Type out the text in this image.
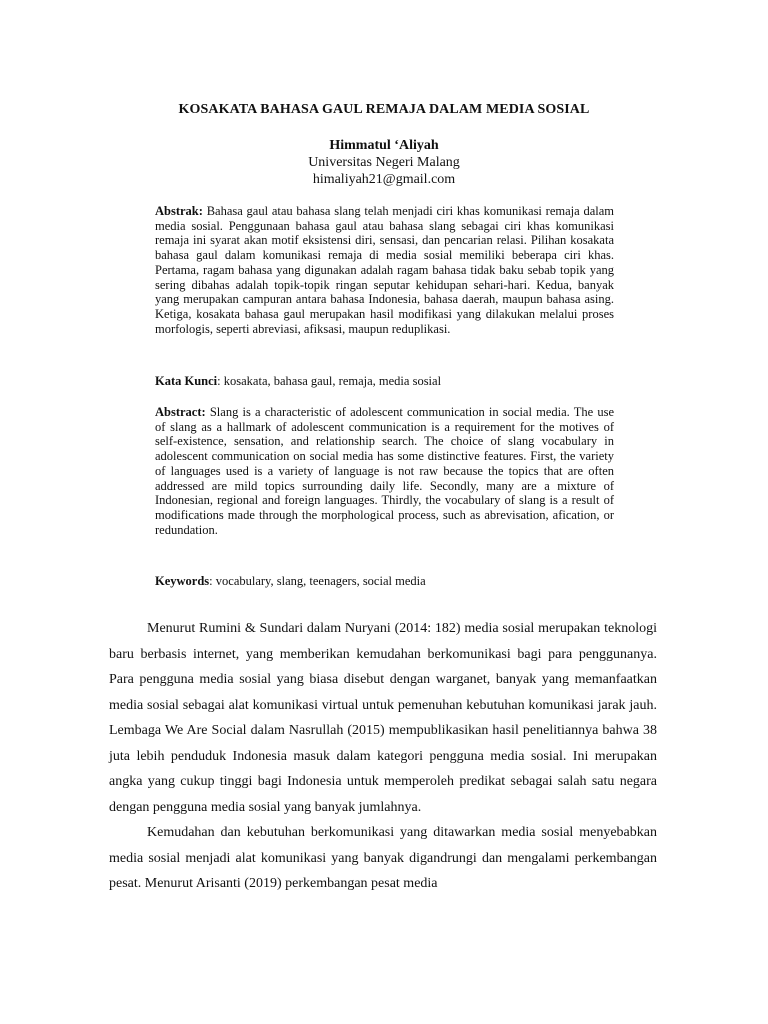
KOSAKATA BAHASA GAUL REMAJA DALAM MEDIA SOSIAL
Himmatul ‘Aliyah
Universitas Negeri Malang
himaliyah21@gmail.com

Abstrak: Bahasa gaul atau bahasa slang telah menjadi ciri khas komunikasi remaja dalam media sosial. Penggunaan bahasa gaul atau bahasa slang sebagai ciri khas komunikasi remaja ini syarat akan motif eksistensi diri, sensasi, dan pencarian relasi. Pilihan kosakata bahasa gaul dalam komunikasi remaja di media sosial memiliki beberapa ciri khas. Pertama, ragam bahasa yang digunakan adalah ragam bahasa tidak baku sebab topik yang sering dibahas adalah topik-topik ringan seputar kehidupan sehari-hari. Kedua, banyak yang merupakan campuran antara bahasa Indonesia, bahasa daerah, maupun bahasa asing. Ketiga, kosakata bahasa gaul merupakan hasil modifikasi yang dilakukan melalui proses morfologis, seperti abreviasi, afiksasi, maupun reduplikasi.

Kata Kunci: kosakata, bahasa gaul, remaja, media sosial

Abstract: Slang is a characteristic of adolescent communication in social media. The use of slang as a hallmark of adolescent communication is a requirement for the motives of self-existence, sensation, and relationship search. The choice of slang vocabulary in adolescent communication on social media has some distinctive features. First, the variety of languages used is a variety of language is not raw because the topics that are often addressed are mild topics surrounding daily life. Secondly, many are a mixture of Indonesian, regional and foreign languages. Thirdly, the vocabulary of slang is a result of modifications made through the morphological process, such as abrevisation, afication, or redundation.

Keywords: vocabulary, slang, teenagers, social media

Menurut Rumini & Sundari dalam Nuryani (2014: 182) media sosial merupakan teknologi baru berbasis internet, yang memberikan kemudahan berkomunikasi bagi para penggunanya. Para pengguna media sosial yang biasa disebut dengan warganet, banyak yang memanfaatkan media sosial sebagai alat komunikasi virtual untuk pemenuhan kebutuhan komunikasi jarak jauh. Lembaga We Are Social dalam Nasrullah (2015) mempublikasikan hasil penelitiannya bahwa 38 juta lebih penduduk Indonesia masuk dalam kategori pengguna media sosial. Ini merupakan angka yang cukup tinggi bagi Indonesia untuk memperoleh predikat sebagai salah satu negara dengan pengguna media sosial yang banyak jumlahnya.

Kemudahan dan kebutuhan berkomunikasi yang ditawarkan media sosial menyebabkan media sosial menjadi alat komunikasi yang banyak digandrungi dan mengalami perkembangan pesat. Menurut Arisanti (2019) perkembangan pesat media
